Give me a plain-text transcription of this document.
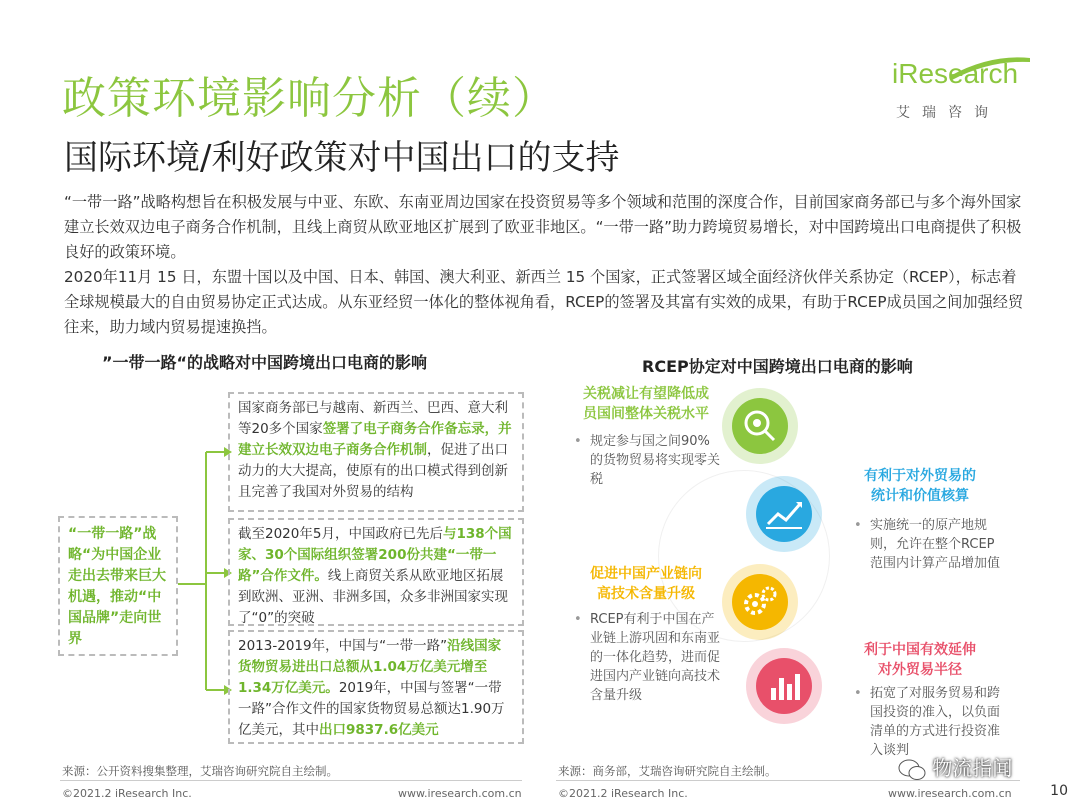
政策环境影响分析（续）
国际环境/利好政策对中国出口的支持
iResearch
艾瑞咨询
“一带一路”战略构想旨在积极发展与中亚、东欧、东南亚周边国家在投资贸易等多个领域和范围的深度合作，目前国家商务部已与多个海外国家建立长效双边电子商务合作机制，且线上商贸从欧亚地区扩展到了欧亚非地区。“一带一路”助力跨境贸易增长，对中国跨境出口电商提供了积极良好的政策环境。
2020年11月 15 日，东盟十国以及中国、日本、韩国、澳大利亚、新西兰 15 个国家，正式签署区域全面经济伙伴关系协定（RCEP），标志着全球规模最大的自由贸易协定正式达成。从东亚经贸一体化的整体视角看，RCEP的签署及其富有实效的成果，有助于RCEP成员国之间加强经贸往来，助力域内贸易提速换挡。
”一带一路“的战略对中国跨境出口电商的影响
“一带一路”战略“为中国企业走出去带来巨大机遇，推动“中国品牌”走向世界
国家商务部已与越南、新西兰、巴西、意大利等20多个国家签署了电子商务合作备忘录，并建立长效双边电子商务合作机制，促进了出口动力的大大提高，使原有的出口模式得到创新且完善了我国对外贸易的结构
截至2020年5月，中国政府已先后与138个国家、30个国际组织签署200份共建“一带一路”合作文件。线上商贸关系从欧亚地区拓展到欧洲、亚洲、非洲多国，众多非洲国家实现了“0”的突破
2013-2019年，中国与“一带一路”沿线国家货物贸易进出口总额从1.04万亿美元增至1.34万亿美元。2019年，中国与签署“一带一路”合作文件的国家货物贸易总额达1.90万亿美元，其中出口9837.6亿美元
来源：公开资料搜集整理，艾瑞咨询研究院自主绘制。
RCEP协定对中国跨境出口电商的影响
关税减让有望降低成
员国间整体关税水平
• 规定参与国之间90%的货物贸易将实现零关税	有利于对外贸易的
统计和价值核算
• 实施统一的原产地规则，允许在整个RCEP 范围内计算产品增加值
促进中国产业链向
高技术含量升级
• RCEP有利于中国在产业链上游巩固和东南亚的一体化趋势，进而促进国内产业链向高技术含量升级
利于中国有效延伸
对外贸易半径
• 拓宽了对服务贸易和跨国投资的准入，以负面清单的方式进行投资准入谈判
来源：商务部，艾瑞咨询研究院自主绘制。
©2021.2 iResearch Inc.	www.iresearch.com.cn	©2021.2 iResearch Inc.	www.iresearch.com.cn	10
物流指闻
